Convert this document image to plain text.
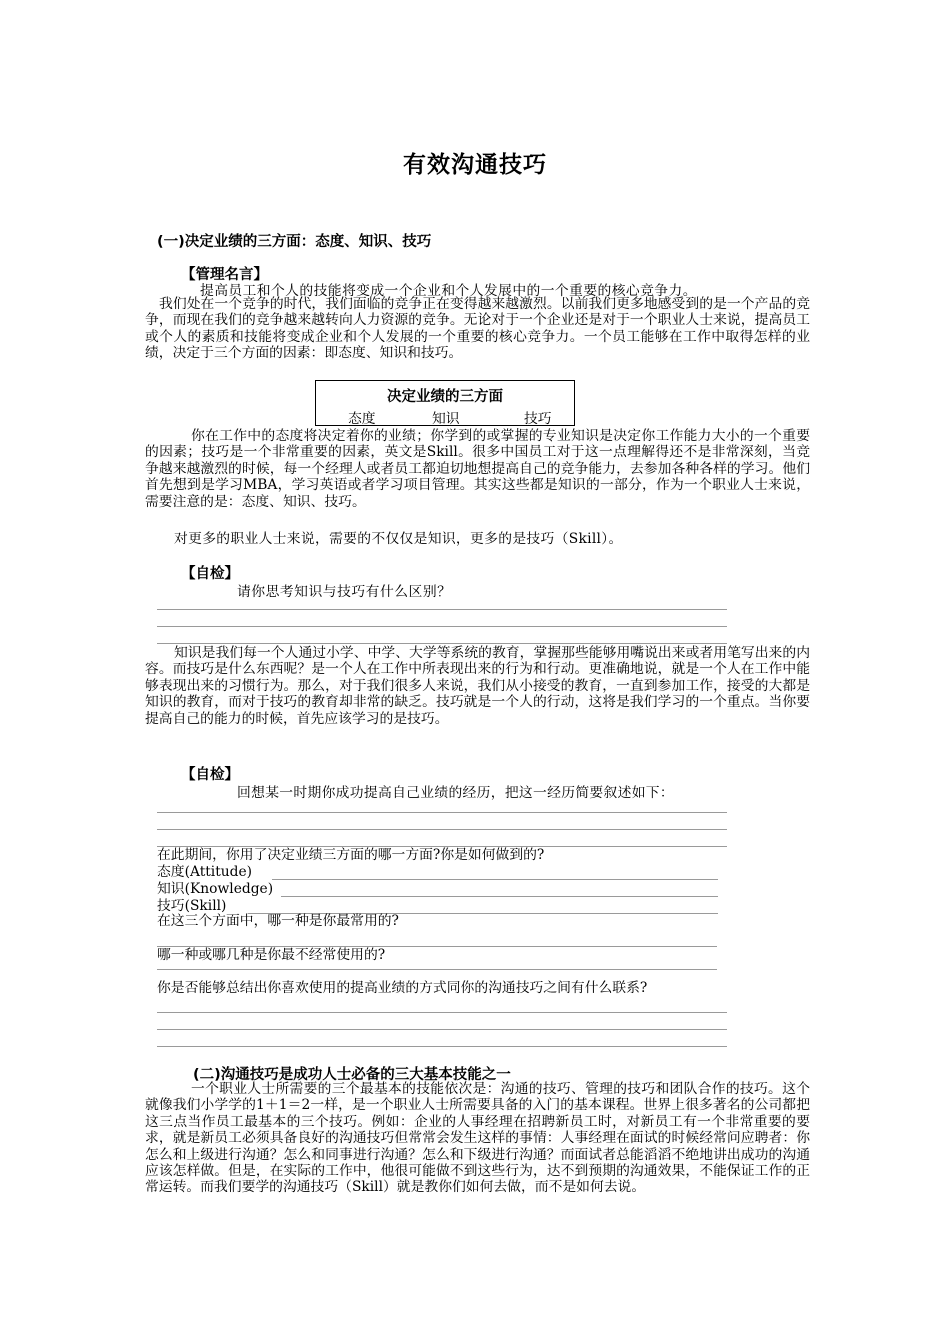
有效沟通技巧
(一)决定业绩的三方面：态度、知识、技巧
【管理名言】
提高员工和个人的技能将变成一个企业和个人发展中的一个重要的核心竞争力。
我们处在一个竞争的时代，我们面临的竞争正在变得越来越激烈。以前我们更多地感受到的是一个产品的竞争，而现在我们的竞争越来越转向人力资源的竞争。无论对于一个企业还是对于一个职业人士来说，提高员工或个人的素质和技能将变成企业和个人发展的一个重要的核心竞争力。一个员工能够在工作中取得怎样的业绩，决定于三个方面的因素：即态度、知识和技巧。
决定业绩的三方面
态度	知识	技巧
你在工作中的态度将决定着你的业绩；你学到的或掌握的专业知识是决定你工作能力大小的一个重要的因素；技巧是一个非常重要的因素，英文是Skill。很多中国员工对于这一点理解得还不是非常深刻，当竞争越来越激烈的时候，每一个经理人或者员工都迫切地想提高自己的竞争能力，去参加各种各样的学习。他们首先想到是学习MBA，学习英语或者学习项目管理。其实这些都是知识的一部分，作为一个职业人士来说，需要注意的是：态度、知识、技巧。
对更多的职业人士来说，需要的不仅仅是知识，更多的是技巧（Skill）。
【自检】
请你思考知识与技巧有什么区别？
知识是我们每一个人通过小学、中学、大学等系统的教育，掌握那些能够用嘴说出来或者用笔写出来的内容。而技巧是什么东西呢？是一个人在工作中所表现出来的行为和行动。更准确地说，就是一个人在工作中能够表现出来的习惯行为。那么，对于我们很多人来说，我们从小接受的教育，一直到参加工作，接受的大都是知识的教育，而对于技巧的教育却非常的缺乏。技巧就是一个人的行动，这将是我们学习的一个重点。当你要提高自己的能力的时候，首先应该学习的是技巧。
【自检】
回想某一时期你成功提高自己业绩的经历，把这一经历简要叙述如下：
在此期间，你用了决定业绩三方面的哪一方面?你是如何做到的?
态度(Attitude)
知识(Knowledge)
技巧(Skill)
在这三个方面中，哪一种是你最常用的?
哪一种或哪几种是你最不经常使用的?
你是否能够总结出你喜欢使用的提高业绩的方式同你的沟通技巧之间有什么联系?
(二)沟通技巧是成功人士必备的三大基本技能之一
一个职业人士所需要的三个最基本的技能依次是：沟通的技巧、管理的技巧和团队合作的技巧。这个就像我们小学学的1＋1＝2一样，是一个职业人士所需要具备的入门的基本课程。世界上很多著名的公司都把这三点当作员工最基本的三个技巧。例如：企业的人事经理在招聘新员工时，对新员工有一个非常重要的要求，就是新员工必须具备良好的沟通技巧但常常会发生这样的事情：人事经理在面试的时候经常问应聘者：你怎么和上级进行沟通？怎么和同事进行沟通？怎么和下级进行沟通？而面试者总能滔滔不绝地讲出成功的沟通应该怎样做。但是，在实际的工作中，他很可能做不到这些行为，达不到预期的沟通效果，不能保证工作的正常运转。而我们要学的沟通技巧（Skill）就是教你们如何去做，而不是如何去说。
